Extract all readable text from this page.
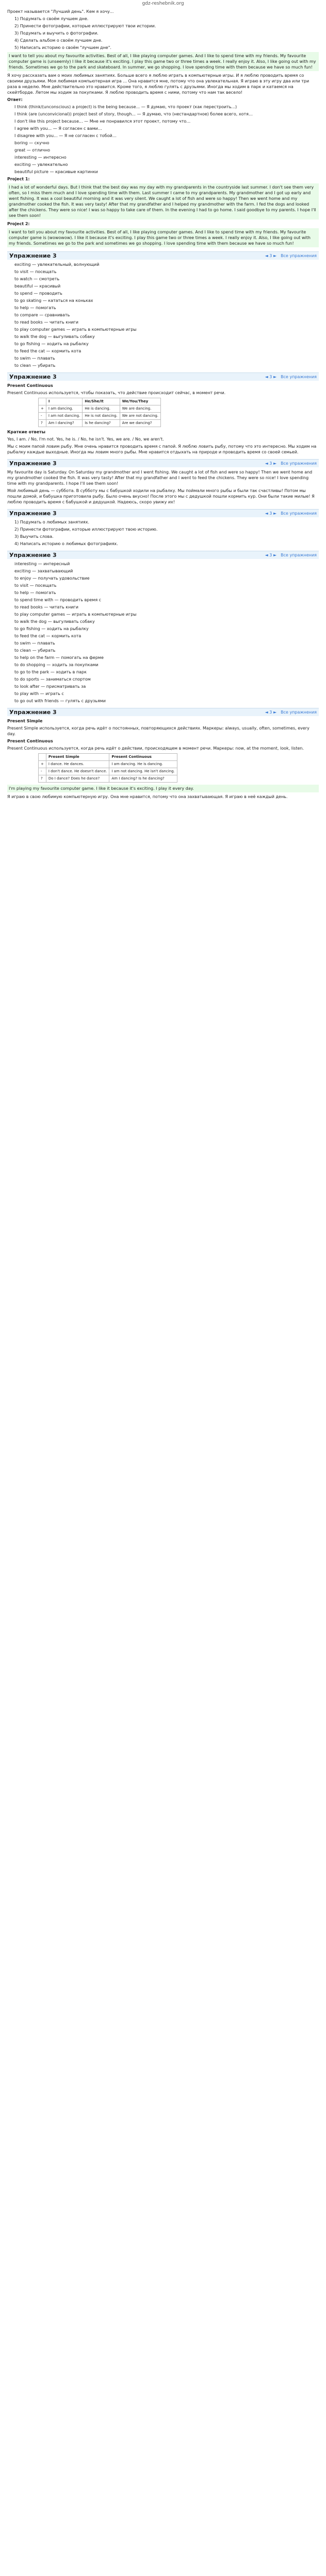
gdz-reshebnik.org
Проект называется "Лучший день". Кем я хочу...
1) Подумать о своём лучшем дне.
2) Принести фотографии, которые иллюстрируют твои истории.
3) Подумать и выучить о фотографии.
4) Сделать альбом о своём лучшем дне.
5) Написать историю о своём "лучшем дне".
I want to tell you about my favourite activities. Best of all, I like playing computer games. And I like to spend time with my friends. My favourite computer game is (unseemly) I like it because it's exciting. I play this game two or three times a week. I really enjoy it. Also, I like going out with my friends. Sometimes we go to the park and skateboard. In summer, we go shopping. I love spending time with them because we have so much fun!
Я хочу рассказать вам о моих любимых занятиях. Больше всего я люблю играть в компьютерные игры. И я люблю проводить время со своими друзьями. Моя любимая компьютерная игра ... Она нравится мне, потому что она увлекательная. Я играю в эту игру два или три раза в неделю. Мне действительно это нравится. Кроме того, я люблю гулять с друзьями. Иногда мы ходим в парк и катаемся на скейтборде. Летом мы ходим за покупками. Я люблю проводить время с ними, потому что нам так весело!
Ответ:
I think (think/(unconscious) a project) is the being because... — Я думаю, что проект (как перестроить...)
I think (are (unconvicional)) project best of story, though... — Я думаю, что (нестандартное) более всего, хотя…
I don't like this project because... — Мне не понравился этот проект, потому что…
I agree with you... — Я согласен с вами…
I disagree with you... — Я не согласен с тобой…
boring — скучно
great — отлично
interesting — интересно
exciting — увлекательно
beautiful picture — красивые картинки
Project 1:
I had a lot of wonderful days. But I think that the best day was my day with my grandparents in the countryside last summer. I don't see them very often, so I miss them much and I love spending time with them. Last summer I came to my grandparents. My grandmother and I got up early and went fishing. It was a cool beautiful morning and it was very silent. We caught a lot of fish and were so happy! Then we went home and my grandmother cooked the fish. It was very tasty! After that my grandfather and I helped my grandmother with the farm. I fed the dogs and looked after the chickens. They were so nice! I was so happy to take care of them. In the evening I had to go home. I said goodbye to my parents. I hope I'll see them soon!
Project 2:
I want to tell you about my favourite activities. Best of all, I like playing computer games. And I like to spend time with my friends. My favourite computer game is (wowowow). I like it because it's exciting. I play this game two or three times a week. I really enjoy it. Also, I like going out with my friends. Sometimes we go to the park and sometimes we go shopping. I love spending time with them because we have so much fun!
Упражнение 3	◄ 3 ► Все упражнения
exciting — увлекательный, волнующий
to visit — посещать
to watch — смотреть
beautiful — красивый
to spend — проводить
to go skating — кататься на коньках
to help — помогать
to compare — сравнивать
to read books — читать книги
to play computer games — играть в компьютерные игры
to walk the dog — выгуливать собаку
to go fishing — ходить на рыбалку
to feed the cat — кормить кота
to swim — плавать
to clean — убирать
Упражнение 3	◄ 3 ► Все упражнения
Present Continuous
Present Continuous используется, чтобы показать, что действие происходит сейчас, в момент речи.
	I	He/She/It	We/You/They
+	I am dancing.	He is dancing.	We are dancing.
-	I am not dancing.	He is not dancing.	We are not dancing.
?	Am I dancing?	Is he dancing?	Are we dancing?
Краткие ответы
Yes, I am. / No, I'm not. Yes, he is. / No, he isn't. Yes, we are. / No, we aren't.
Мы с моим папой ловим рыбу. Мне очень нравится проводить время с папой. Я люблю ловить рыбу, потому что это интересно. Мы ходим на рыбалку каждые выходные. Иногда мы ловим много рыбы. Мне нравится отдыхать на природе и проводить время со своей семьей.
Упражнение 3	◄ 3 ► Все упражнения
My favourite day is Saturday. On Saturday my grandmother and I went fishing. We caught a lot of fish and were so happy! Then we went home and my grandmother cooked the fish. It was very tasty! After that my grandfather and I went to feed the chickens. They were so nice! I love spending time with my grandparents. I hope I'll see them soon!
Мой любимый день — суббота. В субботу мы с бабушкой ходили на рыбалку. Мы поймали много рыбы и были так счастливы! Потом мы пошли домой, и бабушка приготовила рыбу. Было очень вкусно! После этого мы с дедушкой пошли кормить кур. Они были такие милые! Я люблю проводить время с бабушкой и дедушкой. Надеюсь, скоро увижу их!
Упражнение 3	◄ 3 ► Все упражнения
1) Подумать о любимых занятиях.
2) Принести фотографии, которые иллюстрируют твою историю.
3) Выучить слова.
4) Написать историю о любимых фотографиях.
Упражнение 3	◄ 3 ► Все упражнения
interesting — интересный
exciting — захватывающий
to enjoy — получать удовольствие
to visit — посещать
to help — помогать
to spend time with — проводить время с
to read books — читать книги
to play computer games — играть в компьютерные игры
to walk the dog — выгуливать собаку
to go fishing — ходить на рыбалку
to feed the cat — кормить кота
to swim — плавать
to clean — убирать
to help on the farm — помогать на ферме
to do shopping — ходить за покупками
to go to the park — ходить в парк
to do sports — заниматься спортом
to look after — присматривать за
to play with — играть с
to go out with friends — гулять с друзьями
Упражнение 3	◄ 3 ► Все упражнения
Present Simple
Present Simple используется, когда речь идёт о постоянных, повторяющихся действиях. Маркеры: always, usually, often, sometimes, every day.
Present Continuous
Present Continuous используется, когда речь идёт о действии, происходящем в момент речи. Маркеры: now, at the moment, look, listen.
	Present Simple	Present Continuous
+	I dance. He dances.	I am dancing. He is dancing.
-	I don't dance. He doesn't dance.	I am not dancing. He isn't dancing.
?	Do I dance? Does he dance?	Am I dancing? Is he dancing?
I'm playing my favourite computer game. I like it because it's exciting. I play it every day.
Я играю в свою любимую компьютерную игру. Она мне нравится, потому что она захватывающая. Я играю в неё каждый день.
